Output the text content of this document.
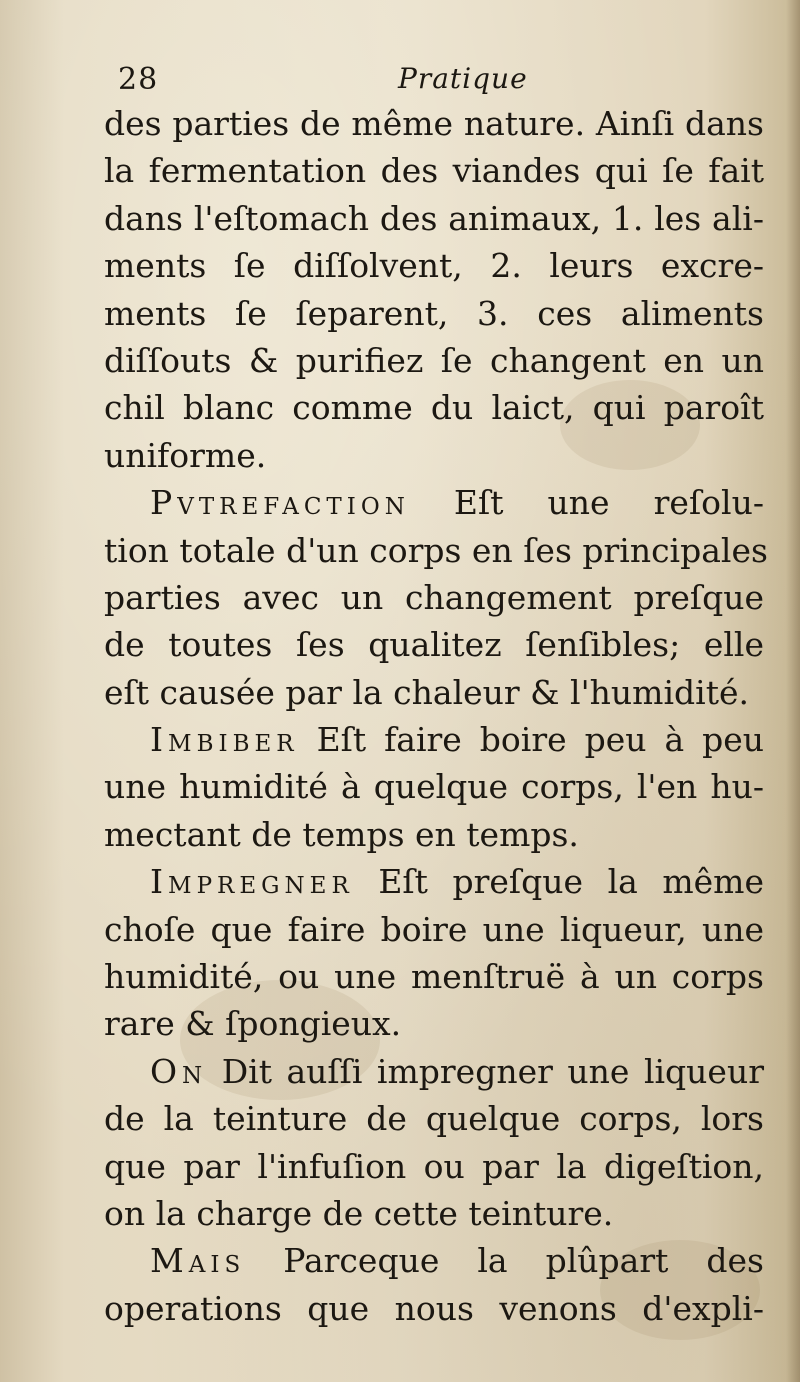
28	Pratique
des parties de même nature. Ainſi dans
la fermentation des viandes qui ſe fait
dans l'eſtomach des animaux, 1. les ali-
ments ſe diſſolvent, 2. leurs excre-
ments ſe ſeparent, 3. ces aliments
diſſouts & purifiez ſe changent en un
chil blanc comme du laict, qui paroît
uniforme.
Pvtrefaction Eſt une reſolu-
tion totale d'un corps en ſes principales
parties avec un changement preſque
de toutes ſes qualitez ſenſibles; elle
eſt causée par la chaleur & l'humidité.
Imbiber Eſt faire boire peu à peu
une humidité à quelque corps, l'en hu-
mectant de temps en temps.
Impregner Eſt preſque la même
choſe que faire boire une liqueur, une
humidité, ou une menſtruë à un corps
rare & ſpongieux.
On Dit auſſi impregner une liqueur
de la teinture de quelque corps, lors
que par l'infuſion ou par la digeſtion,
on la charge de cette teinture.
Mais Parceque la plûpart des
operations que nous venons d'expli-
